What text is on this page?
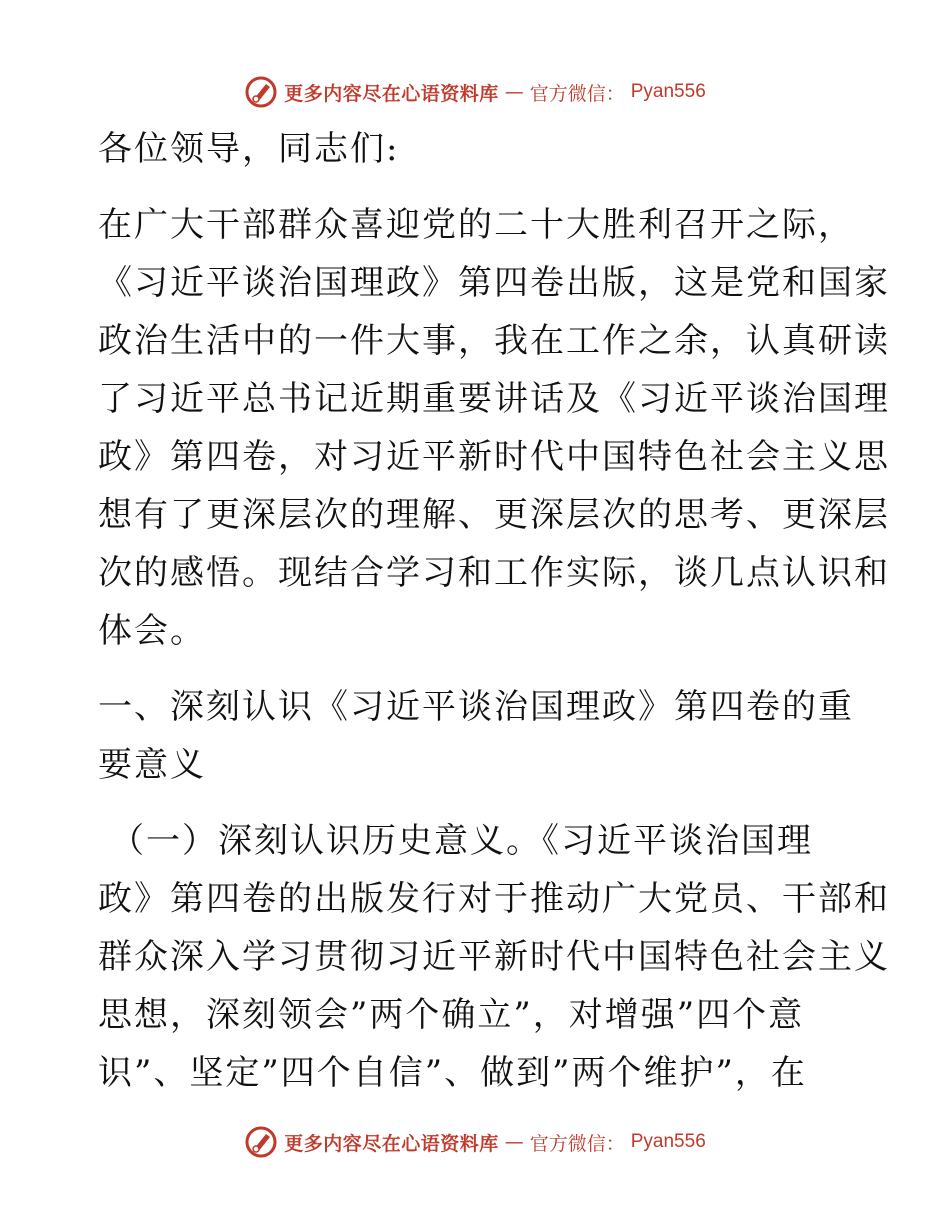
更多内容尽在心语资料库 — 官方微信： Pyan556
各位领导，同志们:
在广大干部群众喜迎党的二十大胜利召开之际，
《习近平谈治国理政》第四卷出版，这是党和国家
政治生活中的一件大事，我在工作之余，认真研读
了习近平总书记近期重要讲话及《习近平谈治国理
政》第四卷，对习近平新时代中国特色社会主义思
想有了更深层次的理解、更深层次的思考、更深层
次的感悟。现结合学习和工作实际，谈几点认识和
体会。
一、深刻认识《习近平谈治国理政》第四卷的重
要意义
（一）深刻认识历史意义。《习近平谈治国理
政》第四卷的出版发行对于推动广大党员、干部和
群众深入学习贯彻习近平新时代中国特色社会主义
思想，深刻领会”两个确立”，对增强”四个意
识”、坚定”四个自信”、做到”两个维护”，在
更多内容尽在心语资料库 — 官方微信： Pyan556
